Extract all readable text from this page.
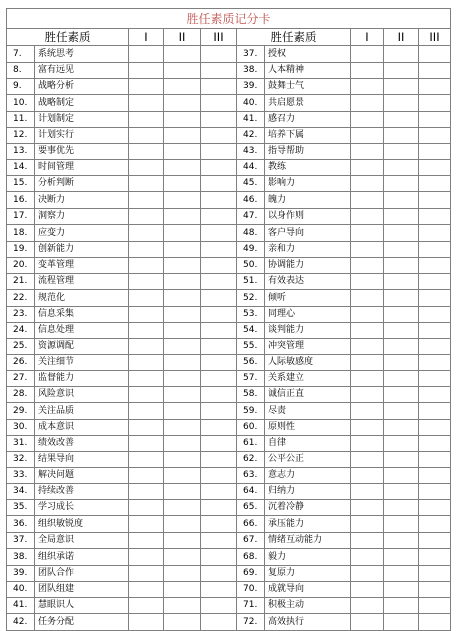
胜任素质记分卡									
胜任素质		I	II	III	胜任素质		I	II	III
7.	系统思考				37.	授权			
8.	富有远见				38.	人本精神			
9.	战略分析				39.	鼓舞士气			
10.	战略制定				40.	共启愿景			
11.	计划制定				41.	感召力			
12.	计划实行				42.	培养下属			
13.	要事优先				43.	指导帮助			
14.	时间管理				44.	教练			
15.	分析判断				45.	影响力			
16.	决断力				46.	魄力			
17.	洞察力				47.	以身作则			
18.	应变力				48.	客户导向			
19.	创新能力				49.	亲和力			
20.	变革管理				50.	协调能力			
21.	流程管理				51.	有效表达			
22.	规范化				52.	倾听			
23.	信息采集				53.	同理心			
24.	信息处理				54.	谈判能力			
25.	资源调配				55.	冲突管理			
26.	关注细节				56.	人际敏感度			
27.	监督能力				57.	关系建立			
28.	风险意识				58.	诚信正直			
29.	关注品质				59.	尽责			
30.	成本意识				60.	原则性			
31.	绩效改善				61.	自律			
32.	结果导向				62.	公平公正			
33.	解决问题				63.	意志力			
34.	持续改善				64.	归纳力			
35.	学习成长				65.	沉着冷静			
36.	组织敏锐度				66.	承压能力			
37.	全局意识				67.	情绪互动能力			
38.	组织承诺				68.	毅力			
39.	团队合作				69.	复原力			
40.	团队组建				70.	成就导向			
41.	慧眼识人				71.	积极主动			
42.	任务分配				72.	高效执行			
